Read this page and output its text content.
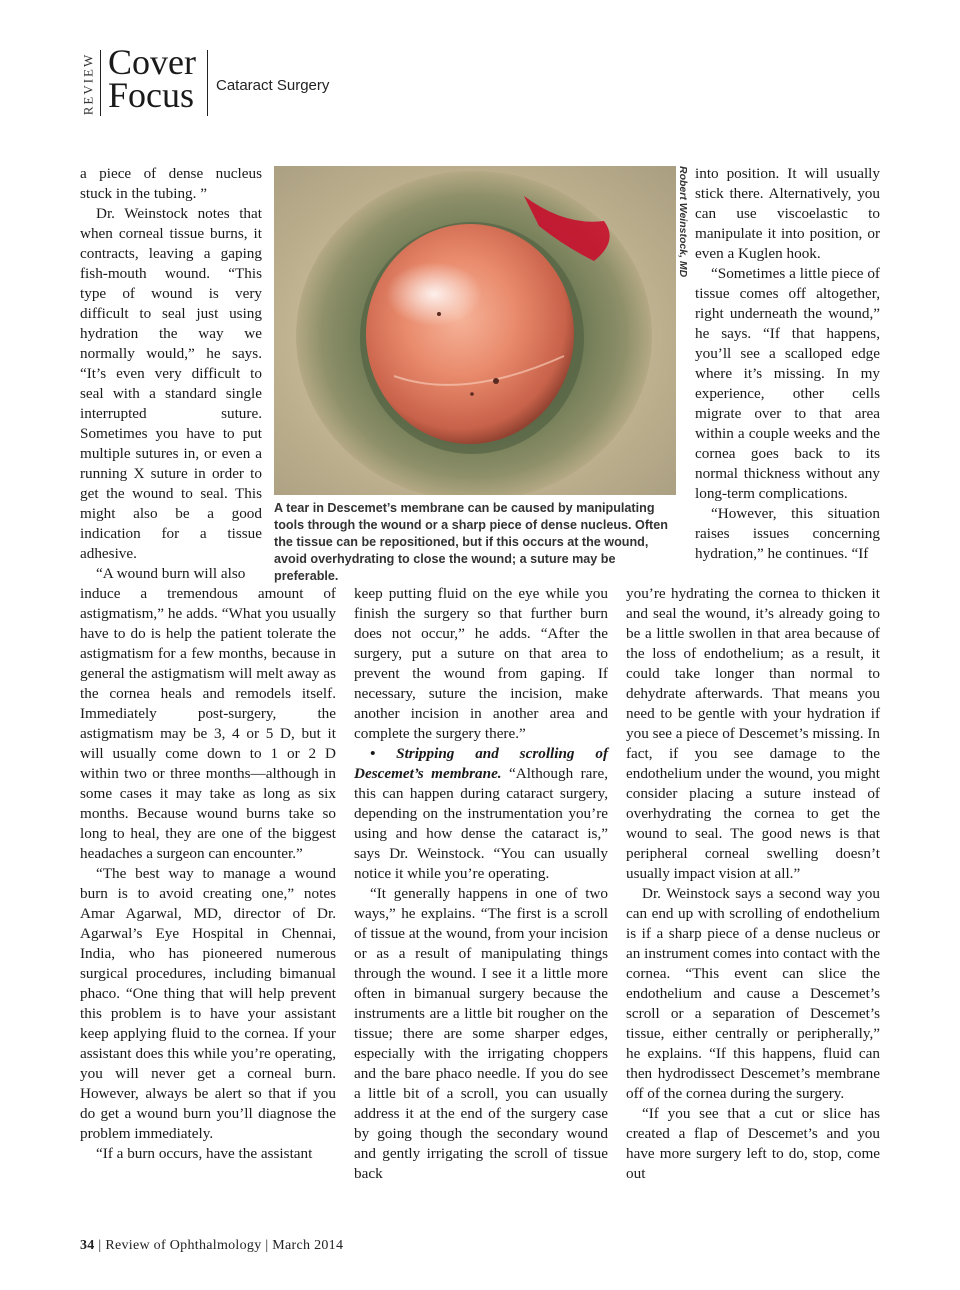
REVIEW Cover
Focus Cataract Surgery
Robert Weinstock, MD
A tear in Descemet’s membrane can be caused by manipulating tools through the wound or a sharp piece of dense nucleus. Often the tissue can be repositioned, but if this occurs at the wound, avoid overhydrating to close the wound; a suture may be preferable.

a piece of dense nucleus stuck in the tubing. ”

Dr. Weinstock notes that when corneal tissue burns, it contracts, leaving a gaping fish-mouth wound. “This type of wound is very difficult to seal just using hydration the way we normally would,” he says. “It’s even very difficult to seal with a standard single interrupted suture. Sometimes you have to put multiple sutures in, or even a running X suture in order to get the wound to seal. This might also be a good indication for a tissue adhesive.

“A wound burn will also

induce a tremendous amount of astigmatism,” he adds. “What you usually have to do is help the patient tolerate the astigmatism for a few months, because in general the astigmatism will melt away as the cornea heals and remodels itself. Immediately post-surgery, the astigmatism may be 3, 4 or 5 D, but it will usually come down to 1 or 2 D within two or three months—although in some cases it may take as long as six months. Because wound burns take so long to heal, they are one of the biggest headaches a surgeon can encounter.”

“The best way to manage a wound burn is to avoid creating one,” notes Amar Agarwal, MD, director of Dr. Agarwal’s Eye Hospital in Chennai, India, who has pioneered numerous surgical procedures, including bimanual phaco. “One thing that will help prevent this problem is to have your assistant keep applying fluid to the cornea. If your assistant does this while you’re operating, you will never get a corneal burn. However, always be alert so that if you do get a wound burn you’ll diagnose the problem immediately.

“If a burn occurs, have the assistant

keep putting fluid on the eye while you finish the surgery so that further burn does not occur,” he adds. “After the surgery, put a suture on that area to prevent the wound from gaping. If necessary, suture the incision, make another incision in another area and complete the surgery there.”

• Stripping and scrolling of Descemet’s membrane. “Although rare, this can happen during cataract surgery, depending on the instrumentation you’re using and how dense the cataract is,” says Dr. Weinstock. “You can usually notice it while you’re operating.

“It generally happens in one of two ways,” he explains. “The first is a scroll of tissue at the wound, from your incision or as a result of manipulating things through the wound. I see it a little more often in bimanual surgery because the instruments are a little bit rougher on the tissue; there are some sharper edges, especially with the irrigating choppers and the bare phaco needle. If you do see a little bit of a scroll, you can usually address it at the end of the surgery case by going though the secondary wound and gently irrigating the scroll of tissue back

into position. It will usually stick there. Alternatively, you can use viscoelastic to manipulate it into position, or even a Kuglen hook.

“Sometimes a little piece of tissue comes off altogether, right underneath the wound,” he says. “If that happens, you’ll see a scalloped edge where it’s missing. In my experience, other cells migrate over to that area within a couple weeks and the cornea goes back to its normal thickness without any long-term complications.

“However, this situation raises issues concerning hydration,” he continues. “If

you’re hydrating the cornea to thicken it and seal the wound, it’s already going to be a little swollen in that area because of the loss of endothelium; as a result, it could take longer than normal to dehydrate afterwards. That means you need to be gentle with your hydration if you see a piece of Descemet’s missing. In fact, if you see damage to the endothelium under the wound, you might consider placing a suture instead of overhydrating the cornea to get the wound to seal. The good news is that peripheral corneal swelling doesn’t usually impact vision at all.”

Dr. Weinstock says a second way you can end up with scrolling of endothelium is if a sharp piece of a dense nucleus or an instrument comes into contact with the cornea. “This event can slice the endothelium and cause a Descemet’s scroll or a separation of Descemet’s tissue, either centrally or peripherally,” he explains. “If this happens, fluid can then hydrodissect Descemet’s membrane off of the cornea during the surgery.

“If you see that a cut or slice has created a flap of Descemet’s and you have more surgery left to do, stop, come out

34 | Review of Ophthalmology | March 2014
